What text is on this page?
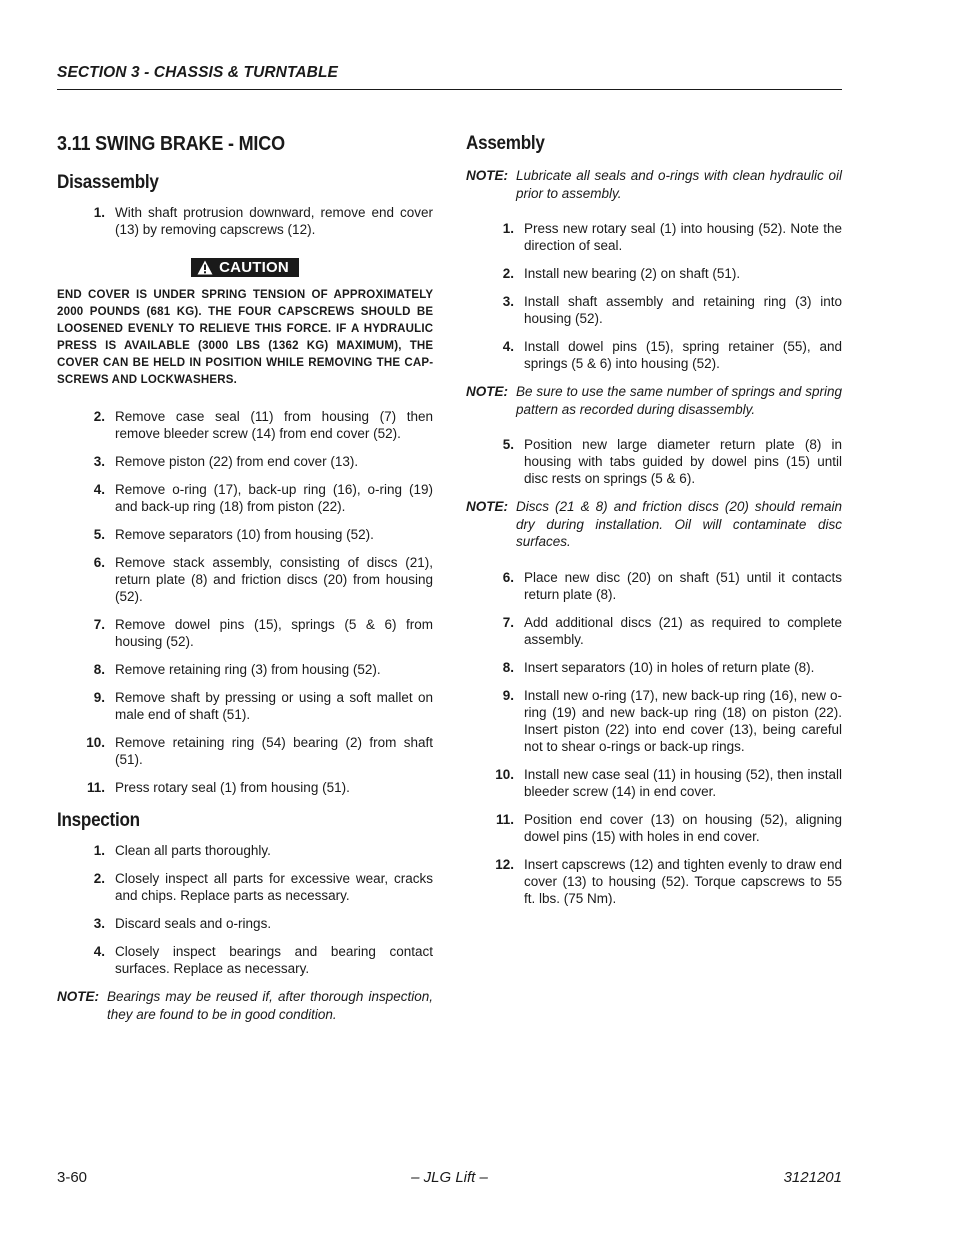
SECTION 3 - CHASSIS & TURNTABLE
3.11 SWING BRAKE - MICO
Disassembly
1. With shaft protrusion downward, remove end cover (13) by removing capscrews (12).
CAUTION
END COVER IS UNDER SPRING TENSION OF APPROXIMATELY 2000 POUNDS (681 KG). THE FOUR CAPSCREWS SHOULD BE LOOSENED EVENLY TO RELIEVE THIS FORCE. IF A HYDRAULIC PRESS IS AVAILABLE (3000 LBS (1362 KG) MAXIMUM), THE COVER CAN BE HELD IN POSITION WHILE REMOVING THE CAP-SCREWS AND LOCKWASHERS.
2. Remove case seal (11) from housing (7) then remove bleeder screw (14) from end cover (52).
3. Remove piston (22) from end cover (13).
4. Remove o-ring (17), back-up ring (16), o-ring (19) and back-up ring (18) from piston (22).
5. Remove separators (10) from housing (52).
6. Remove stack assembly, consisting of discs (21), return plate (8) and friction discs (20) from housing (52).
7. Remove dowel pins (15), springs (5 & 6) from housing (52).
8. Remove retaining ring (3) from housing (52).
9. Remove shaft by pressing or using a soft mallet on male end of shaft (51).
10. Remove retaining ring (54) bearing (2) from shaft (51).
11. Press rotary seal (1) from housing (51).
Inspection
1. Clean all parts thoroughly.
2. Closely inspect all parts for excessive wear, cracks and chips. Replace parts as necessary.
3. Discard seals and o-rings.
4. Closely inspect bearings and bearing contact surfaces. Replace as necessary.
NOTE: Bearings may be reused if, after thorough inspection, they are found to be in good condition.
Assembly
NOTE: Lubricate all seals and o-rings with clean hydraulic oil prior to assembly.
1. Press new rotary seal (1) into housing (52). Note the direction of seal.
2. Install new bearing (2) on shaft (51).
3. Install shaft assembly and retaining ring (3) into housing (52).
4. Install dowel pins (15), spring retainer (55), and springs (5 & 6) into housing (52).
NOTE: Be sure to use the same number of springs and spring pattern as recorded during disassembly.
5. Position new large diameter return plate (8) in housing with tabs guided by dowel pins (15) until disc rests on springs (5 & 6).
NOTE: Discs (21 & 8) and friction discs (20) should remain dry during installation. Oil will contaminate disc surfaces.
6. Place new disc (20) on shaft (51) until it contacts return plate (8).
7. Add additional discs (21) as required to complete assembly.
8. Insert separators (10) in holes of return plate (8).
9. Install new o-ring (17), new back-up ring (16), new o-ring (19) and new back-up ring (18) on piston (22). Insert piston (22) into end cover (13), being careful not to shear o-rings or back-up rings.
10. Install new case seal (11) in housing (52), then install bleeder screw (14) in end cover.
11. Position end cover (13) on housing (52), aligning dowel pins (15) with holes in end cover.
12. Insert capscrews (12) and tighten evenly to draw end cover (13) to housing (52). Torque capscrews to 55 ft. lbs. (75 Nm).
3-60	– JLG Lift –	3121201
